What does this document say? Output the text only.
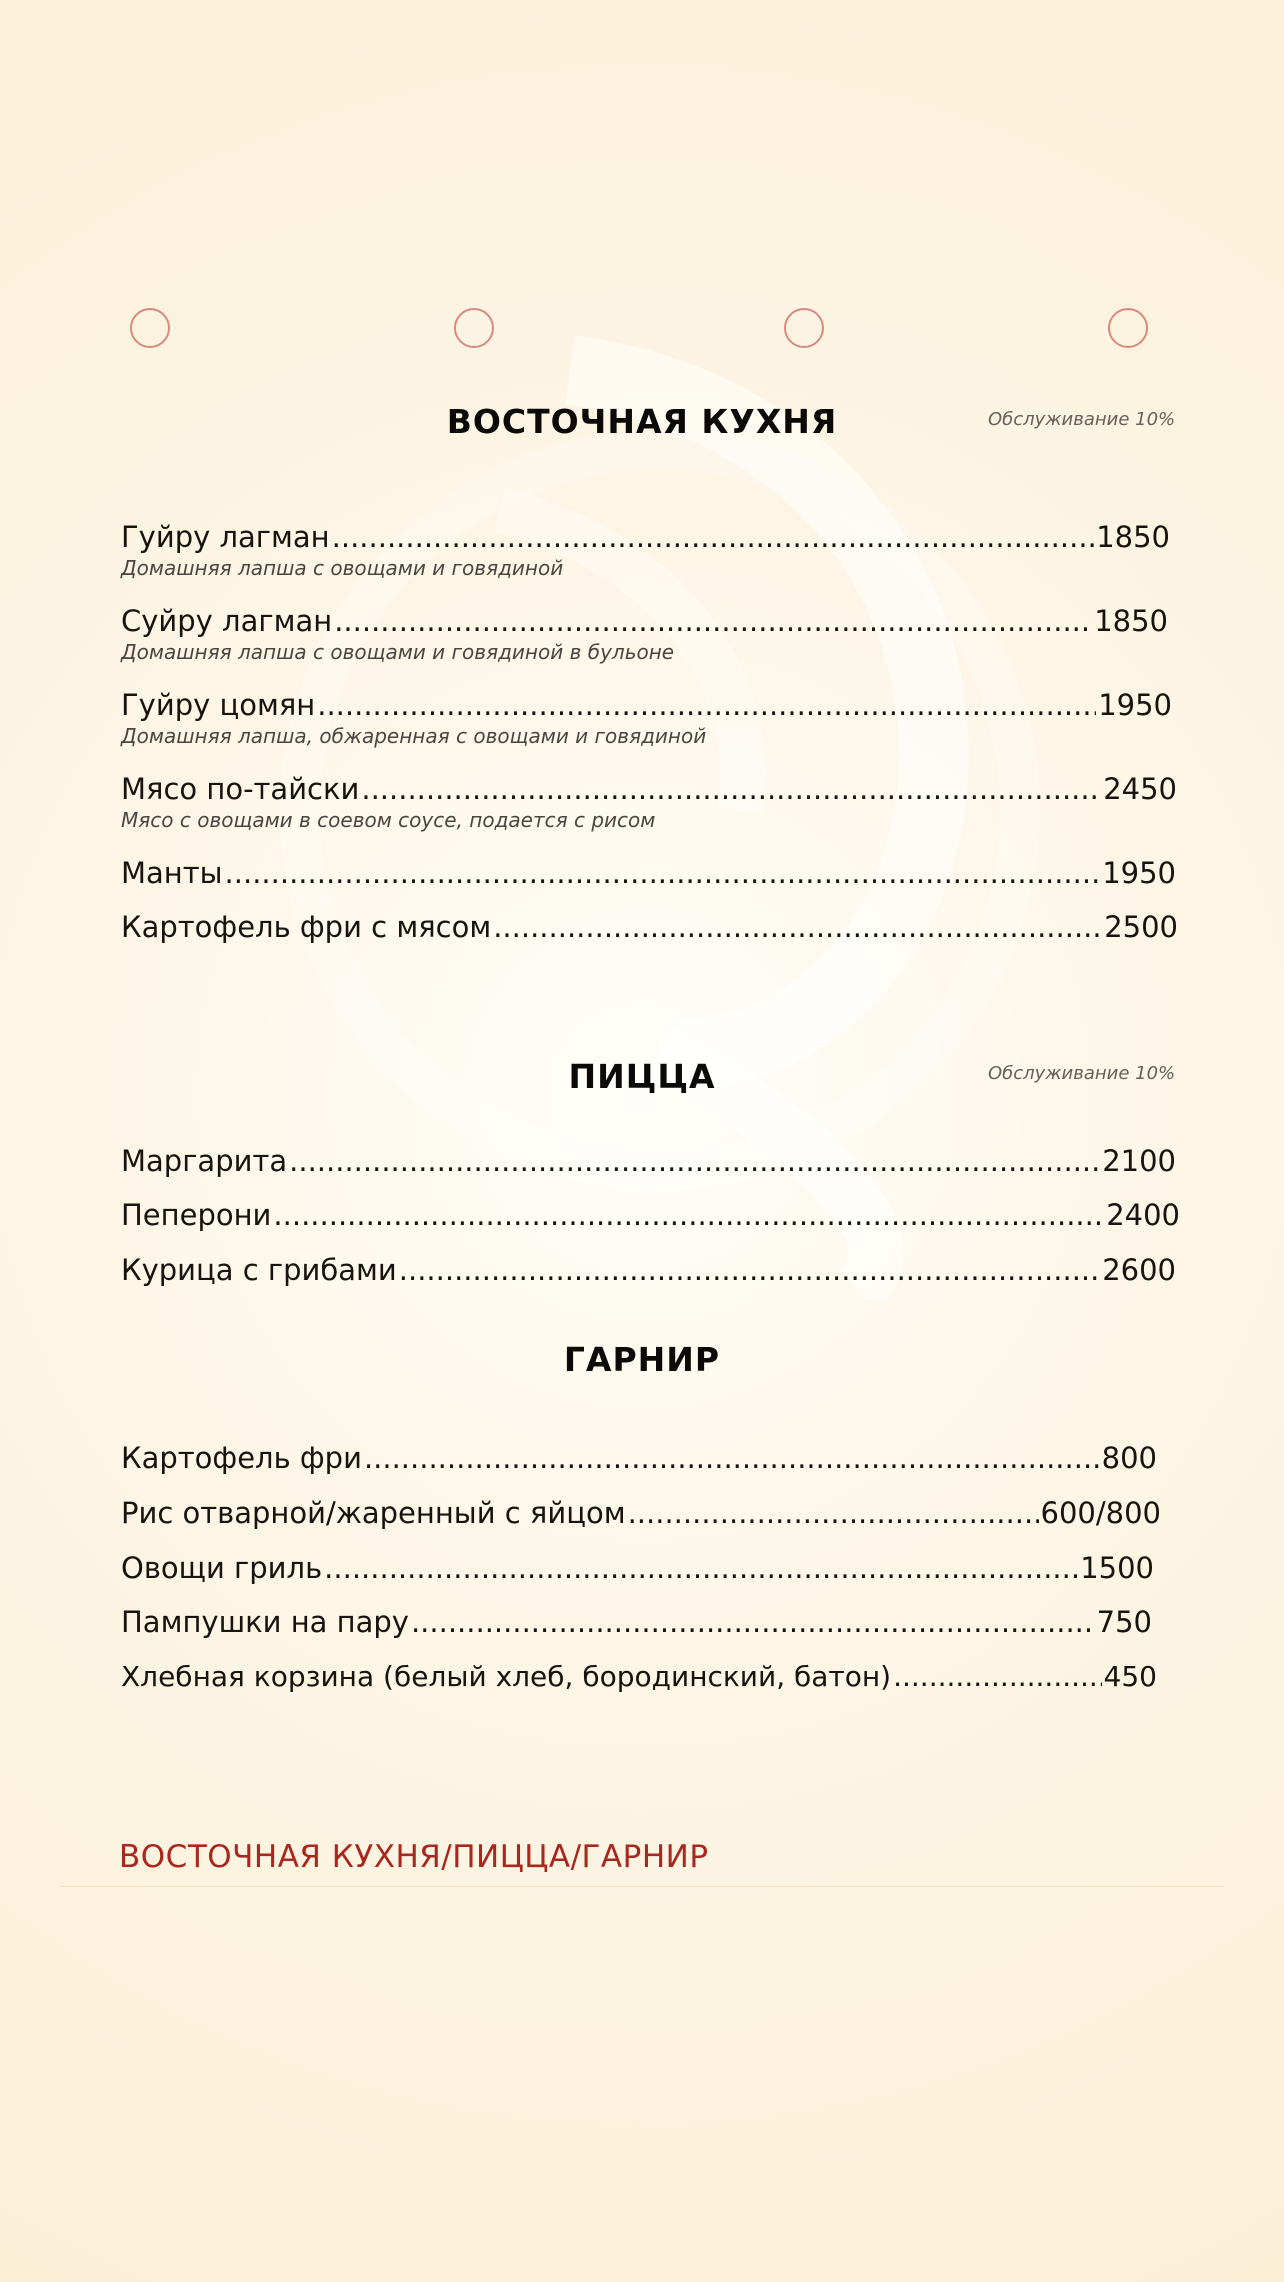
ВОСТОЧНАЯ КУХНЯ	Обслуживание 10%
Гуйру лагман .....	1850
Домашняя лапша с овощами и говядиной
Суйру лагман .....	1850
Домашняя лапша с овощами и говядиной в бульоне
Гуйру цомян .....	1950
Домашняя лапша, обжаренная с овощами и говядиной
Мясо по-тайски .....	2450
Мясо с овощами в соевом соусе, подается с рисом
Манты .....	1950
Картофель фри с мясом .....	2500
ПИЦЦА	Обслуживание 10%
Маргарита .....	2100
Пеперони .....	2400
Курица с грибами .....	2600
ГАРНИР
Картофель фри .....	800
Рис отварной/жаренный с яйцом .....	600/800
Овощи гриль .....	1500
Пампушки на пару .....	750
Хлебная корзина (белый хлеб, бородинский, батон) .....	450
ВОСТОЧНАЯ КУХНЯ/ПИЦЦА/ГАРНИР
